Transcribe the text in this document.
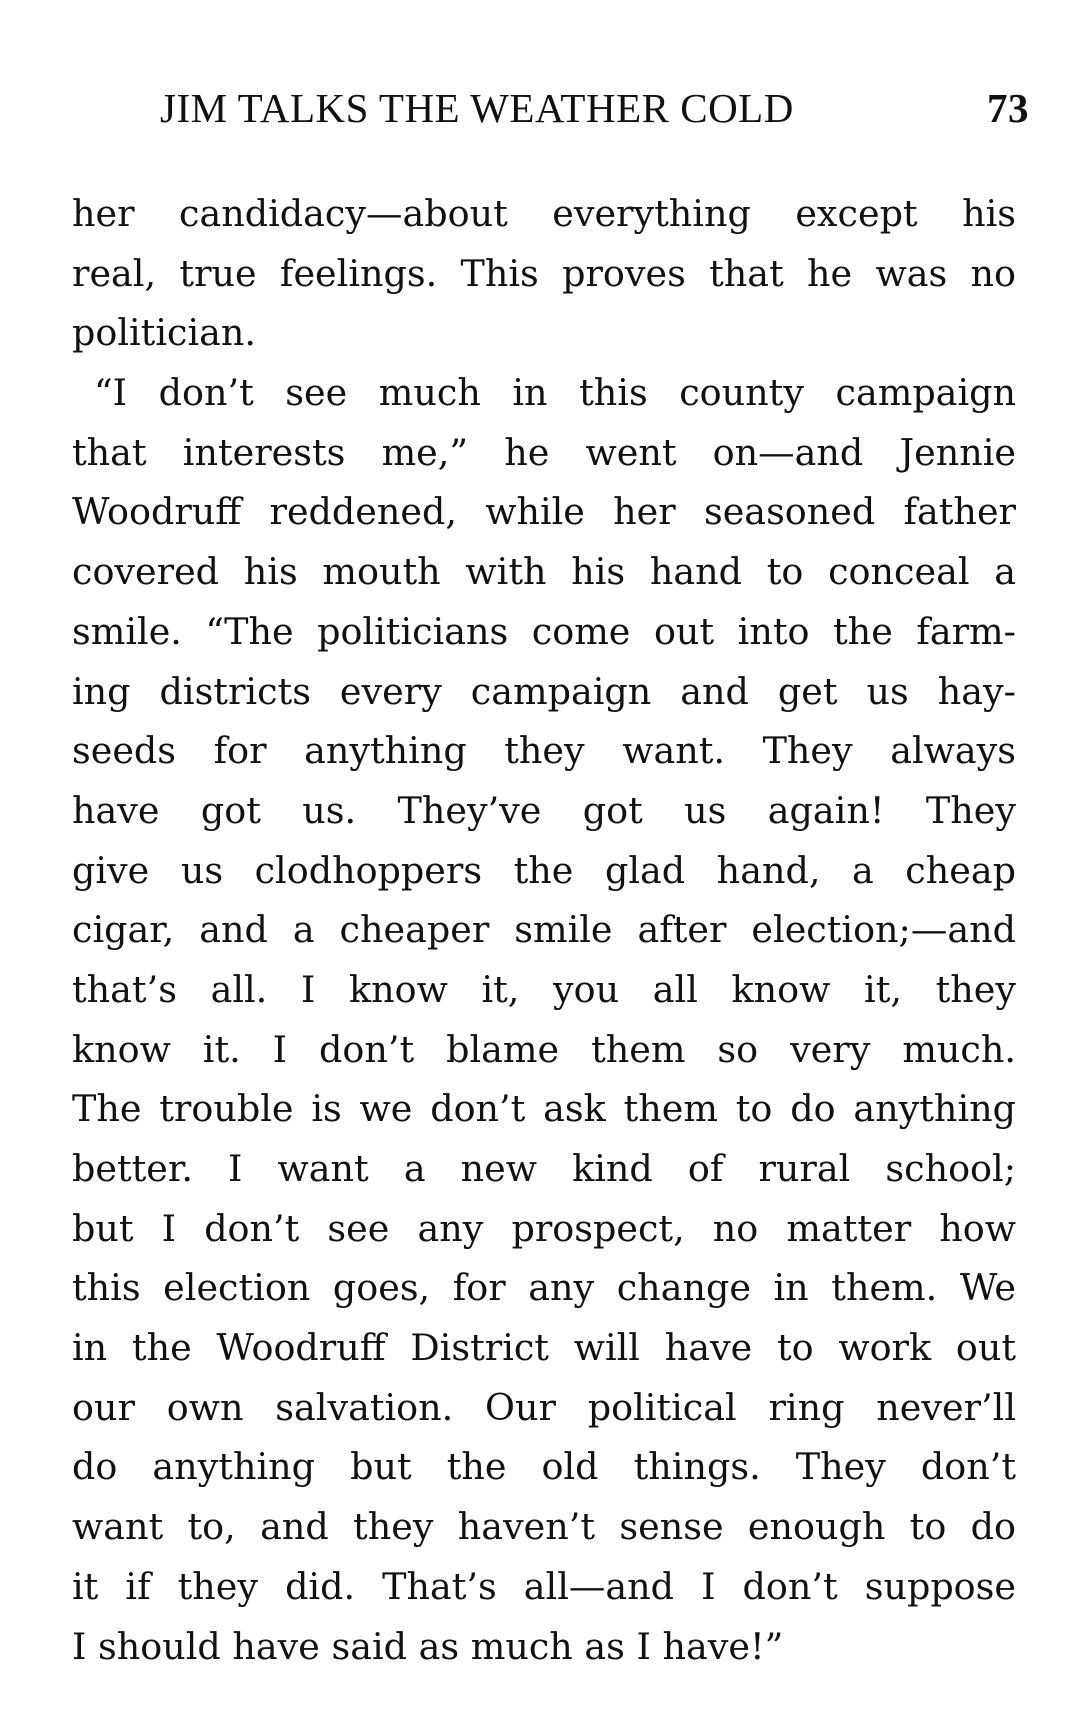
JIM TALKS THE WEATHER COLD	73
her candidacy—about everything except his
real, true feelings. This proves that he was no
politician.
“I don’t see much in this county campaign
that interests me,” he went on—and Jennie
Woodruff reddened, while her seasoned father
covered his mouth with his hand to conceal a
smile. “The politicians come out into the farm-
ing districts every campaign and get us hay-
seeds for anything they want. They always
have got us. They’ve got us again! They
give us clodhoppers the glad hand, a cheap
cigar, and a cheaper smile after election;—and
that’s all. I know it, you all know it, they
know it. I don’t blame them so very much.
The trouble is we don’t ask them to do anything
better. I want a new kind of rural school;
but I don’t see any prospect, no matter how
this election goes, for any change in them. We
in the Woodruff District will have to work out
our own salvation. Our political ring never’ll
do anything but the old things. They don’t
want to, and they haven’t sense enough to do
it if they did. That’s all—and I don’t suppose
I should have said as much as I have!”
